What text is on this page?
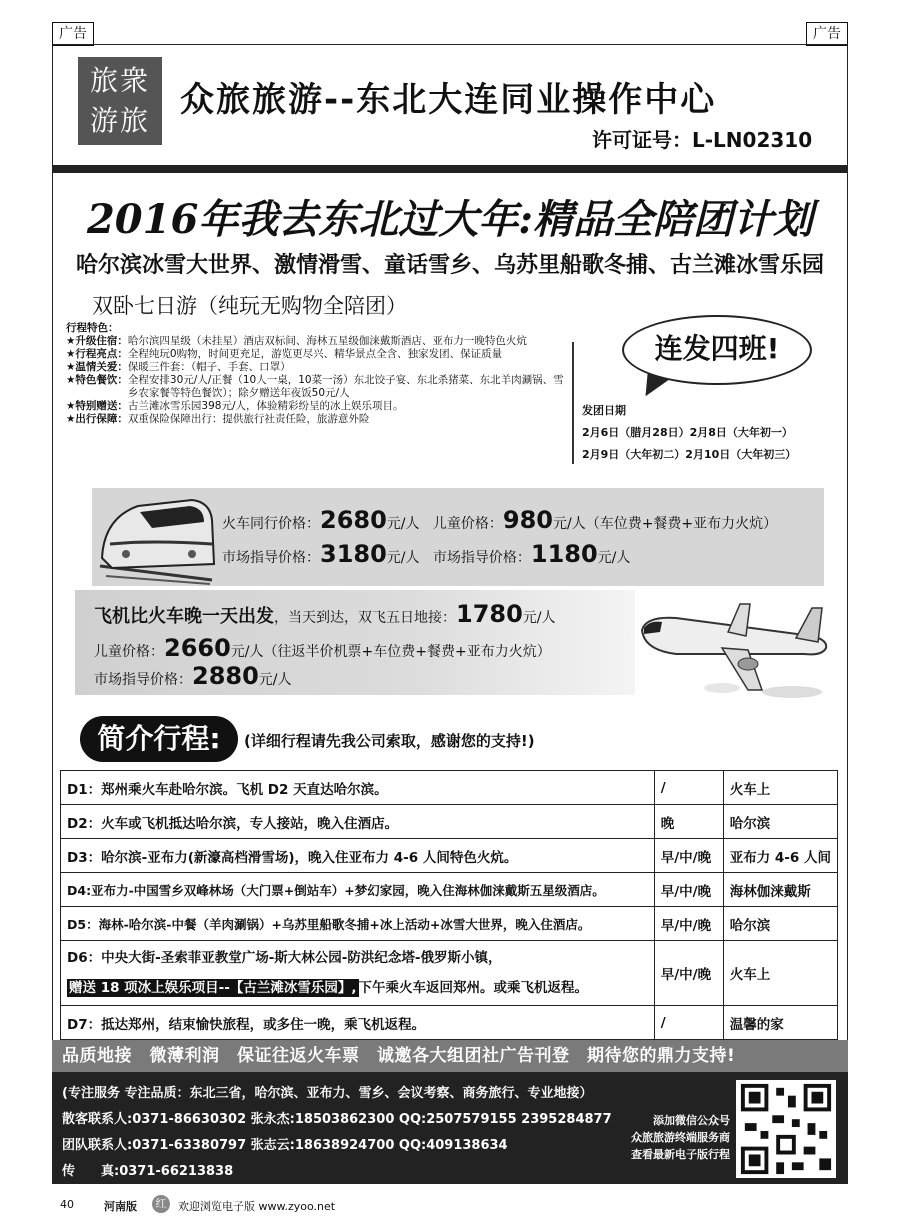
广告	广告
旅衆
游旅
众旅旅游--东北大连同业操作中心
许可证号：L-LN02310
2016年我去东北过大年:精品全陪团计划
哈尔滨冰雪大世界、激情滑雪、童话雪乡、乌苏里船歌冬捕、古兰滩冰雪乐园
双卧七日游（纯玩无购物全陪团）
行程特色：
★升级住宿： 哈尔滨四星级（未挂星）酒店双标间、海林五星级伽涞戴斯酒店、亚布力一晚特色火炕
★行程亮点： 全程纯玩0购物，时间更充足，游览更尽兴、精华景点全含、独家发团、保证质量
★温情关爱： 保暖三件套：（帽子、手套、口罩）
★特色餐饮： 全程安排30元/人/正餐（10人一桌，10菜一汤）东北饺子宴、东北杀猪菜、东北羊肉涮锅、雪乡农家餐等特色餐饮）；除夕赠送年夜饭50元/人
★特别赠送： 古兰滩冰雪乐园398元/人，体验精彩纷呈的冰上娱乐项目。
★出行保障： 双重保险保障出行：提供旅行社责任险，旅游意外险
连发四班!
发团日期
2月6日（腊月28日）2月8日（大年初一）
2月9日（大年初二）2月10日（大年初三）
火车同行价格：2680元/人 儿童价格：980元/人（车位费+餐费+亚布力火炕）
市场指导价格：3180元/人 市场指导价格：1180元/人
飞机比火车晚一天出发，当天到达，双飞五日地接：1780元/人
儿童价格：2660元/人（往返半价机票+车位费+餐费+亚布力火炕）
市场指导价格：2880元/人
简介行程:	(详细行程请先我公司索取，感谢您的支持!)
D1：郑州乘火车赴哈尔滨。飞机 D2 天直达哈尔滨。	/	火车上
D2：火车或飞机抵达哈尔滨，专人接站，晚入住酒店。	晚	哈尔滨
D3：哈尔滨-亚布力(新濠高档滑雪场)，晚入住亚布力 4-6 人间特色火炕。	早/中/晚	亚布力 4-6 人间
D4:亚布力-中国雪乡双峰林场（大门票+倒站车）+梦幻家园，晚入住海林伽涞戴斯五星级酒店。	早/中/晚	海林伽涞戴斯
D5：海林-哈尔滨-中餐（羊肉涮锅）+乌苏里船歌冬捕+冰上活动+冰雪大世界，晚入住酒店。	早/中/晚	哈尔滨

D6：中央大街-圣索菲亚教堂广场-斯大林公园-防洪纪念塔-俄罗斯小镇，
赠送 18 项冰上娱乐项目--【古兰滩冰雪乐园】, 下午乘火车返回郑州。或乘飞机返程。	早/中/晚	火车上
D7：抵达郑州，结束愉快旅程，或多住一晚，乘飞机返程。	/	温馨的家
品质地接　微薄利润　保证往返火车票　诚邀各大组团社广告刊登　期待您的鼎力支持!
(专注服务 专注品质：东北三省，哈尔滨、亚布力、雪乡、会议考察、商务旅行、专业地接）
散客联系人:0371-86630302 张永杰:18503862300 QQ:2507579155 2395284877
团队联系人:0371-63380797 张志云:18638924700 QQ:409138634
传　　真:0371-66213838
添加微信公众号
众旅旅游终端服务商
查看最新电子版行程
40	河南版	红	欢迎浏览电子版 www.zyoo.net
